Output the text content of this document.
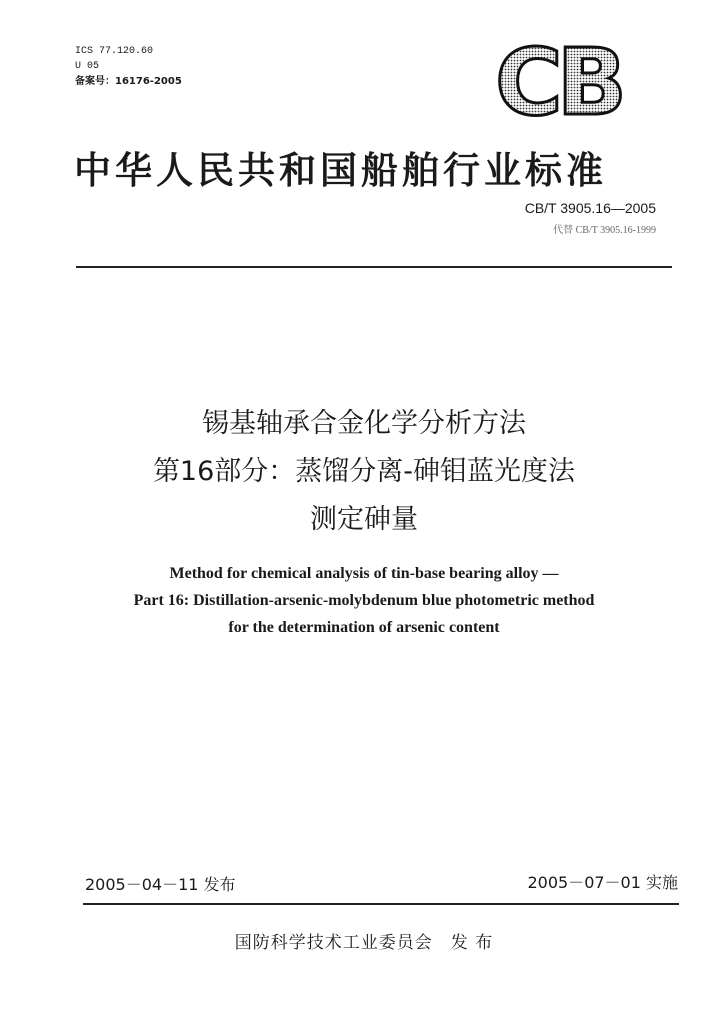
ICS 77.120.60
U 05
备案号：16176-2005	CB
中华人民共和国船舶行业标准
CB/T 3905.16—2005
代替 CB/T 3905.16-1999
锡基轴承合金化学分析方法
第16部分：蒸馏分离-砷钼蓝光度法
测定砷量
Method for chemical analysis of tin-base bearing alloy —
Part 16: Distillation-arsenic-molybdenum blue photometric method
for the determination of arsenic content
2005－04－11 发布	2005－07－01 实施
国防科学技术工业委员会　发 布
